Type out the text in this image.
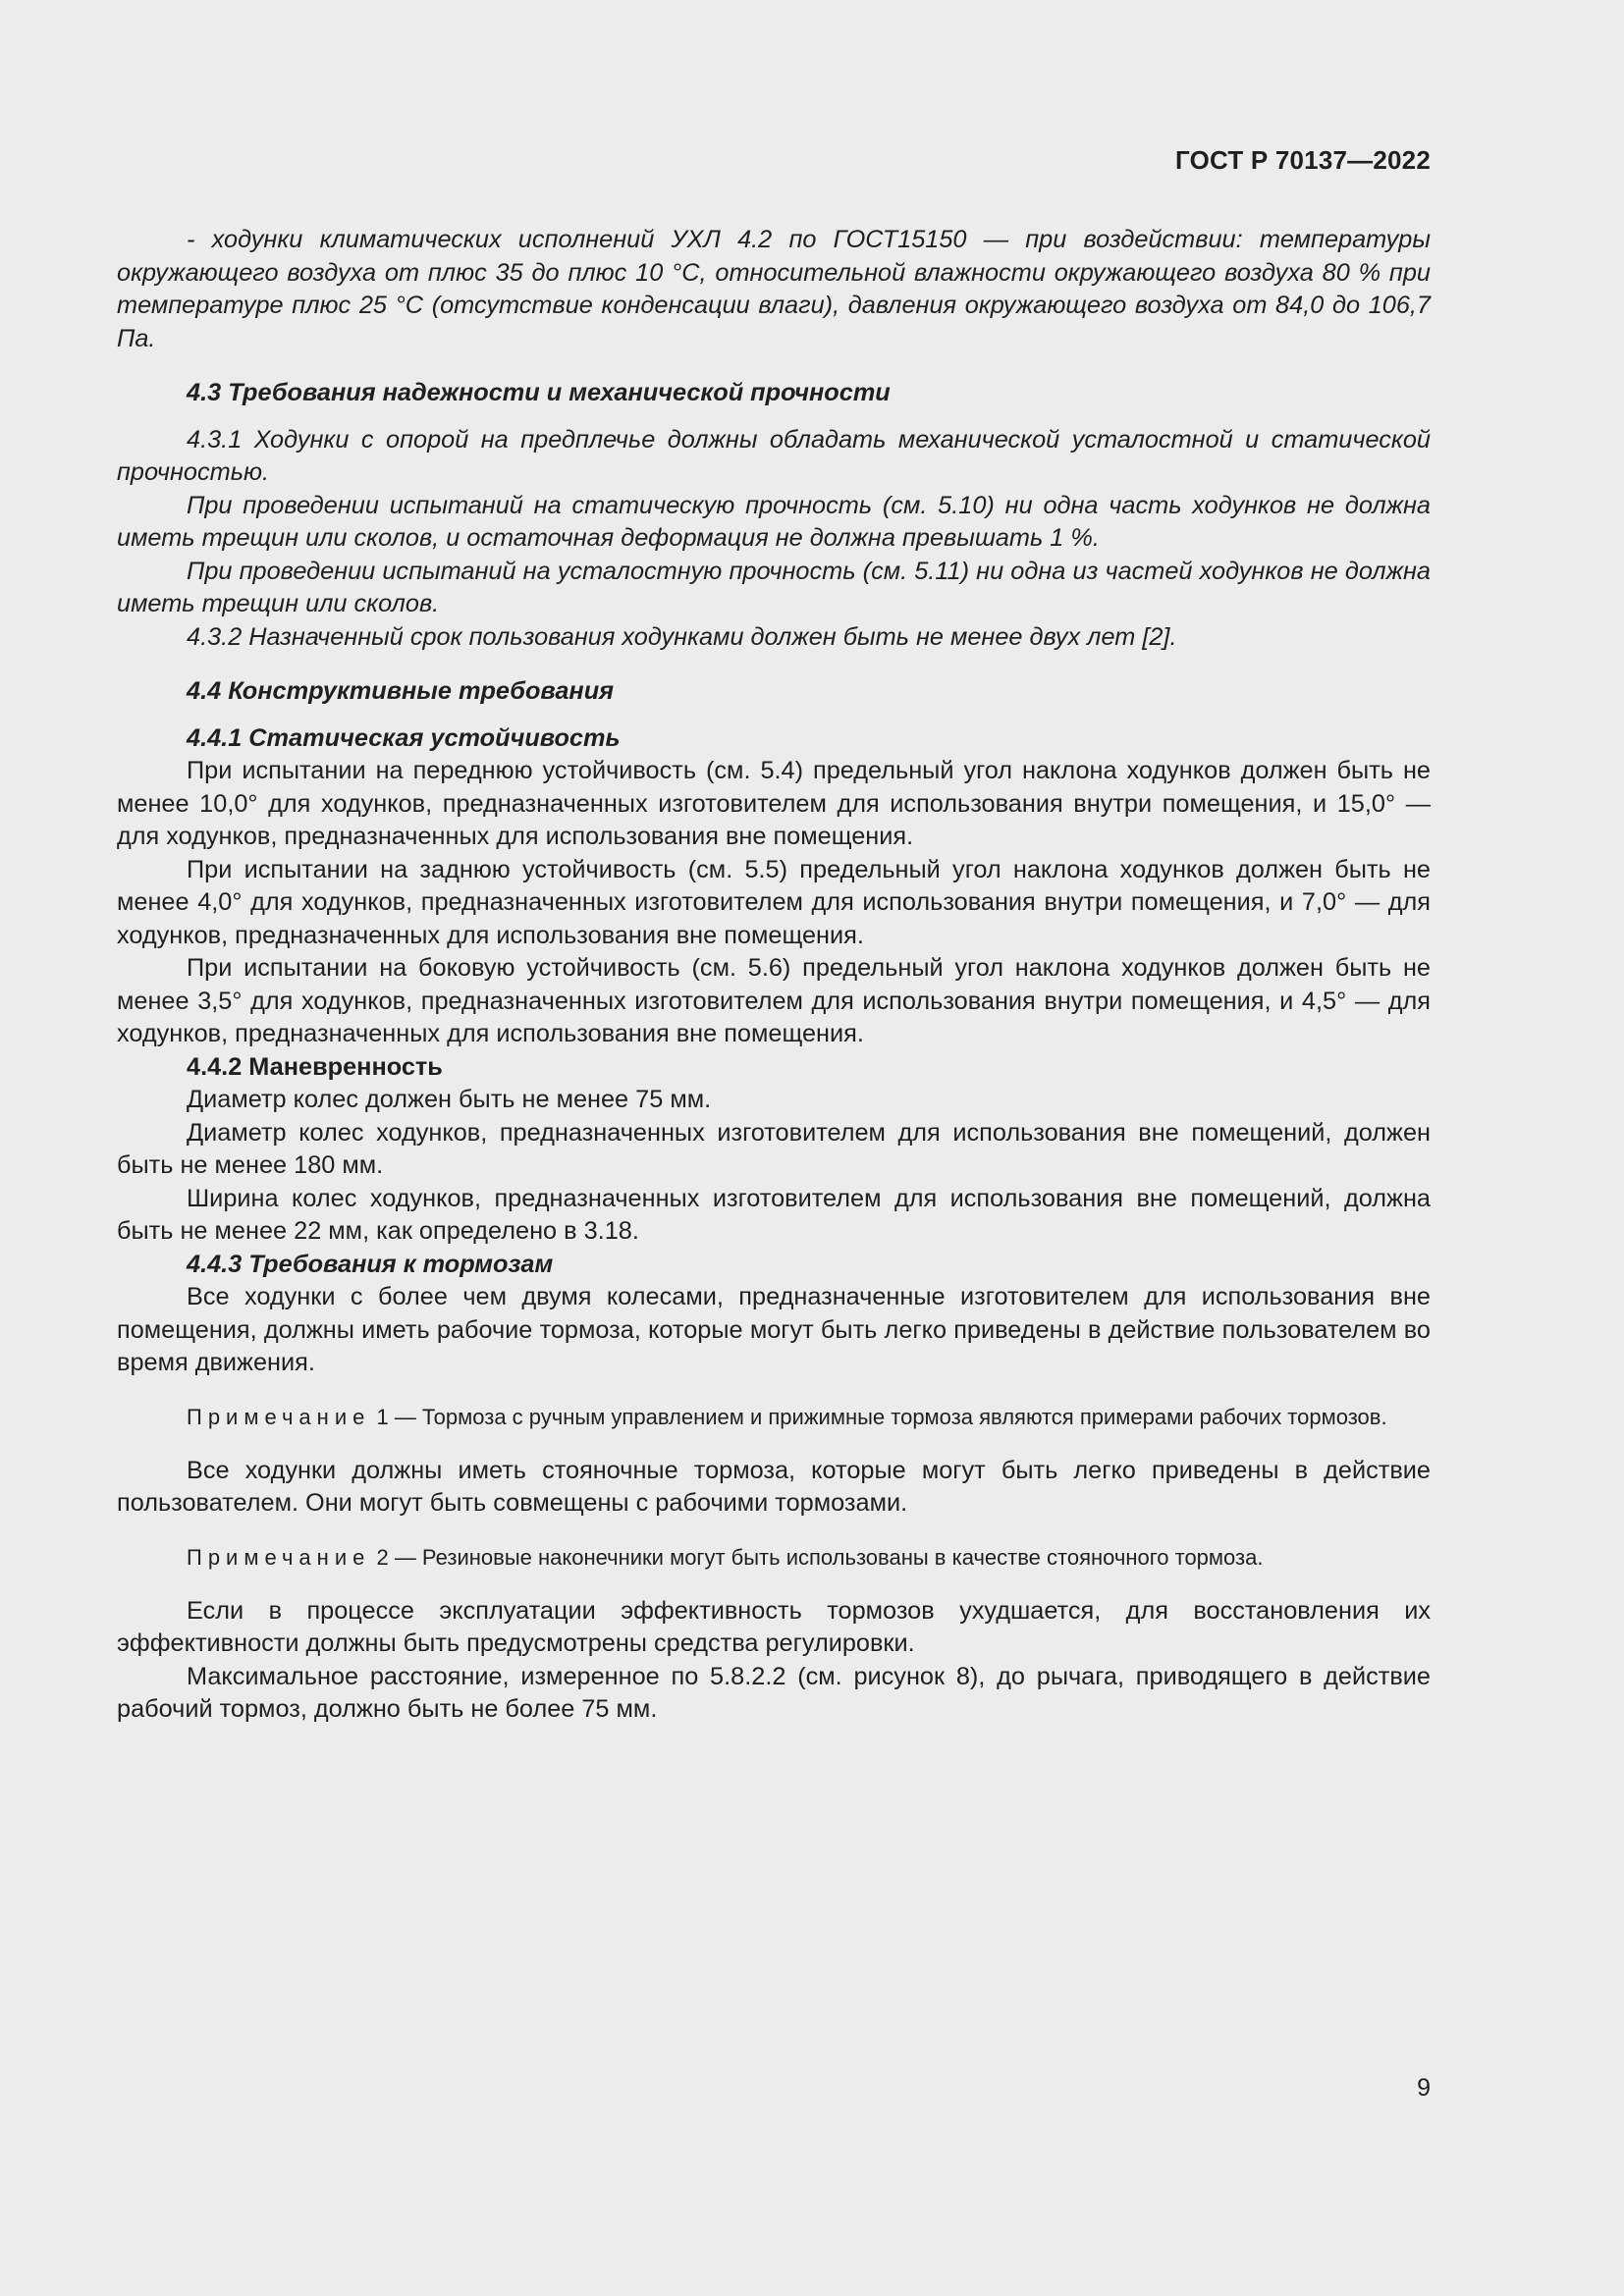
ГОСТ Р 70137—2022

- ходунки климатических исполнений УХЛ 4.2 по ГОСТ15150 — при воздействии: температуры окружающего воздуха от плюс 35 до плюс 10 °С, относительной влажности окружающего воздуха 80 % при температуре плюс 25 °С (отсутствие конденсации влаги), давления окружающего воздуха от 84,0 до 106,7 Па.

4.3 Требования надежности и механической прочности

4.3.1 Ходунки с опорой на предплечье должны обладать механической усталостной и статической прочностью.

При проведении испытаний на статическую прочность (см. 5.10) ни одна часть ходунков не должна иметь трещин или сколов, и остаточная деформация не должна превышать 1 %.

При проведении испытаний на усталостную прочность (см. 5.11) ни одна из частей ходунков не должна иметь трещин или сколов.

4.3.2 Назначенный срок пользования ходунками должен быть не менее двух лет [2].

4.4 Конструктивные требования

4.4.1 Статическая устойчивость

При испытании на переднюю устойчивость (см. 5.4) предельный угол наклона ходунков должен быть не менее 10,0° для ходунков, предназначенных изготовителем для использования внутри помещения, и 15,0° — для ходунков, предназначенных для использования вне помещения.

При испытании на заднюю устойчивость (см. 5.5) предельный угол наклона ходунков должен быть не менее 4,0° для ходунков, предназначенных изготовителем для использования внутри помещения, и 7,0° — для ходунков, предназначенных для использования вне помещения.

При испытании на боковую устойчивость (см. 5.6) предельный угол наклона ходунков должен быть не менее 3,5° для ходунков, предназначенных изготовителем для использования внутри помещения, и 4,5° — для ходунков, предназначенных для использования вне помещения.

4.4.2 Маневренность

Диаметр колес должен быть не менее 75 мм.

Диаметр колес ходунков, предназначенных изготовителем для использования вне помещений, должен быть не менее 180 мм.

Ширина колес ходунков, предназначенных изготовителем для использования вне помещений, должна быть не менее 22 мм, как определено в 3.18.

4.4.3 Требования к тормозам

Все ходунки с более чем двумя колесами, предназначенные изготовителем для использования вне помещения, должны иметь рабочие тормоза, которые могут быть легко приведены в действие пользователем во время движения.

Примечание 1 — Тормоза с ручным управлением и прижимные тормоза являются примерами рабочих тормозов.

Все ходунки должны иметь стояночные тормоза, которые могут быть легко приведены в действие пользователем. Они могут быть совмещены с рабочими тормозами.

Примечание 2 — Резиновые наконечники могут быть использованы в качестве стояночного тормоза.

Если в процессе эксплуатации эффективность тормозов ухудшается, для восстановления их эффективности должны быть предусмотрены средства регулировки.

Максимальное расстояние, измеренное по 5.8.2.2 (см. рисунок 8), до рычага, приводящего в действие рабочий тормоз, должно быть не более 75 мм.

9
